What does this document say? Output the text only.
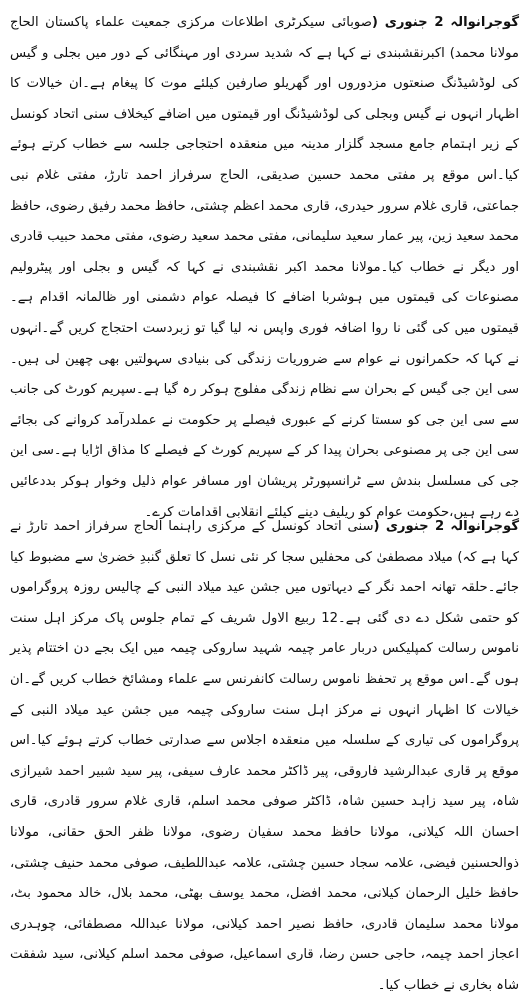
گوجرانوالہ 2 جنوری (صوبائی سیکرٹری اطلاعات مرکزی جمعیت علماء پاکستان الحاج مولانا محمد) اکبرنقشبندی نے کہا ہے کہ شدید سردی اور مہنگائی کے دور میں بجلی و گیس کی لوڈشیڈنگ صنعتوں مزدوروں اور گھریلو صارفین کیلئے موت کا پیغام ہے۔ان خیالات کا اظہار انہوں نے گیس وبجلی کی لوڈشیڈنگ اور قیمتوں میں اضافے کیخلاف سنی اتحاد کونسل کے زیر اہتمام جامع مسجد گلزار مدینہ میں منعقدہ احتجاجی جلسہ سے خطاب کرتے ہوئے کیا۔اس موقع پر مفتی محمد حسین صدیقی، الحاج سرفراز احمد تارڑ، مفتی غلام نبی جماعتی، قاری غلام سرور حیدری، قاری محمد اعظم چشتی، حافظ محمد رفیق رضوی، حافظ محمد سعید زین، پیر عمار سعید سلیمانی، مفتی محمد سعید رضوی، مفتی محمد حبیب قادری اور دیگر نے خطاب کیا۔مولانا محمد اکبر نقشبندی نے کہا کہ گیس و بجلی اور پیٹرولیم مصنوعات کی قیمتوں میں ہوشربا اضافے کا فیصلہ عوام دشمنی اور ظالمانہ اقدام ہے۔قیمتوں میں کی گئی نا روا اضافہ فوری واپس نہ لیا گیا تو زبردست احتجاج کریں گے۔انہوں نے کہا کہ حکمرانوں نے عوام سے ضروریات زندگی کی بنیادی سہولتیں بھی چھین لی ہیں۔سی این جی گیس کے بحران سے نظام زندگی مفلوج ہوکر رہ گیا ہے۔سپریم کورٹ کی جانب سے سی این جی کو سستا کرنے کے عبوری فیصلے پر حکومت نے عملدرآمد کروانے کی بجائے سی این جی پر مصنوعی بحران پیدا کر کے سپریم کورٹ کے فیصلے کا مذاق اڑایا ہے۔سی این جی کی مسلسل بندش سے ٹرانسپورٹر پریشان اور مسافر عوام ذلیل وخوار ہوکر بددعائیں دے رہے ہیں،حکومت عوام کو ریلیف دینے کیلئے انقلابی اقدامات کرے۔

گوجرانوالہ 2 جنوری (سنی اتحاد کونسل کے مرکزی راہنما الحاج سرفراز احمد تارڑ نے کہا ہے کہ) میلاد مصطفیٰ کی محفلیں سجا کر نئی نسل کا تعلق گنبدِ خضریٰ سے مضبوط کیا جائے۔حلقہ تھانہ احمد نگر کے دیہاتوں میں جشن عید میلاد النبی کے چالیس روزہ پروگراموں کو حتمی شکل دے دی گئی ہے۔12 ربیع الاول شریف کے تمام جلوس پاک مرکز اہل سنت ناموس رسالت کمپلیکس دربار عامر چیمہ شہید ساروکی چیمہ میں ایک بجے دن اختتام پذیر ہوں گے۔اس موقع پر تحفظ ناموس رسالت کانفرنس سے علماء ومشائخ خطاب کریں گے۔ان خیالات کا اظہار انہوں نے مرکز اہل سنت ساروکی چیمہ میں جشن عید میلاد النبی کے پروگراموں کی تیاری کے سلسلہ میں منعقدہ اجلاس سے صدارتی خطاب کرتے ہوئے کیا۔اس موقع پر قاری عبدالرشید فاروقی، پیر ڈاکٹر محمد عارف سیفی، پیر سید شبیر احمد شیرازی شاہ، پیر سید زاہد حسین شاہ، ڈاکٹر صوفی محمد اسلم، قاری غلام سرور قادری، قاری احسان اللہ کیلانی، مولانا حافظ محمد سفیان رضوی، مولانا ظفر الحق حقانی، مولانا ذوالحسنین فیضی، علامہ سجاد حسین چشتی، علامہ عبداللطیف، صوفی محمد حنیف چشتی، حافظ خلیل الرحمان کیلانی، محمد افضل، محمد یوسف بھٹی، محمد بلال، خالد محمود بٹ، مولانا محمد سلیمان قادری، حافظ نصیر احمد کیلانی، مولانا عبداللہ مصطفائی، چوہدری اعجاز احمد چیمہ، حاجی حسن رضا، قاری اسماعیل، صوفی محمد اسلم کیلانی، سید شفقت شاہ بخاری نے خطاب کیا۔
